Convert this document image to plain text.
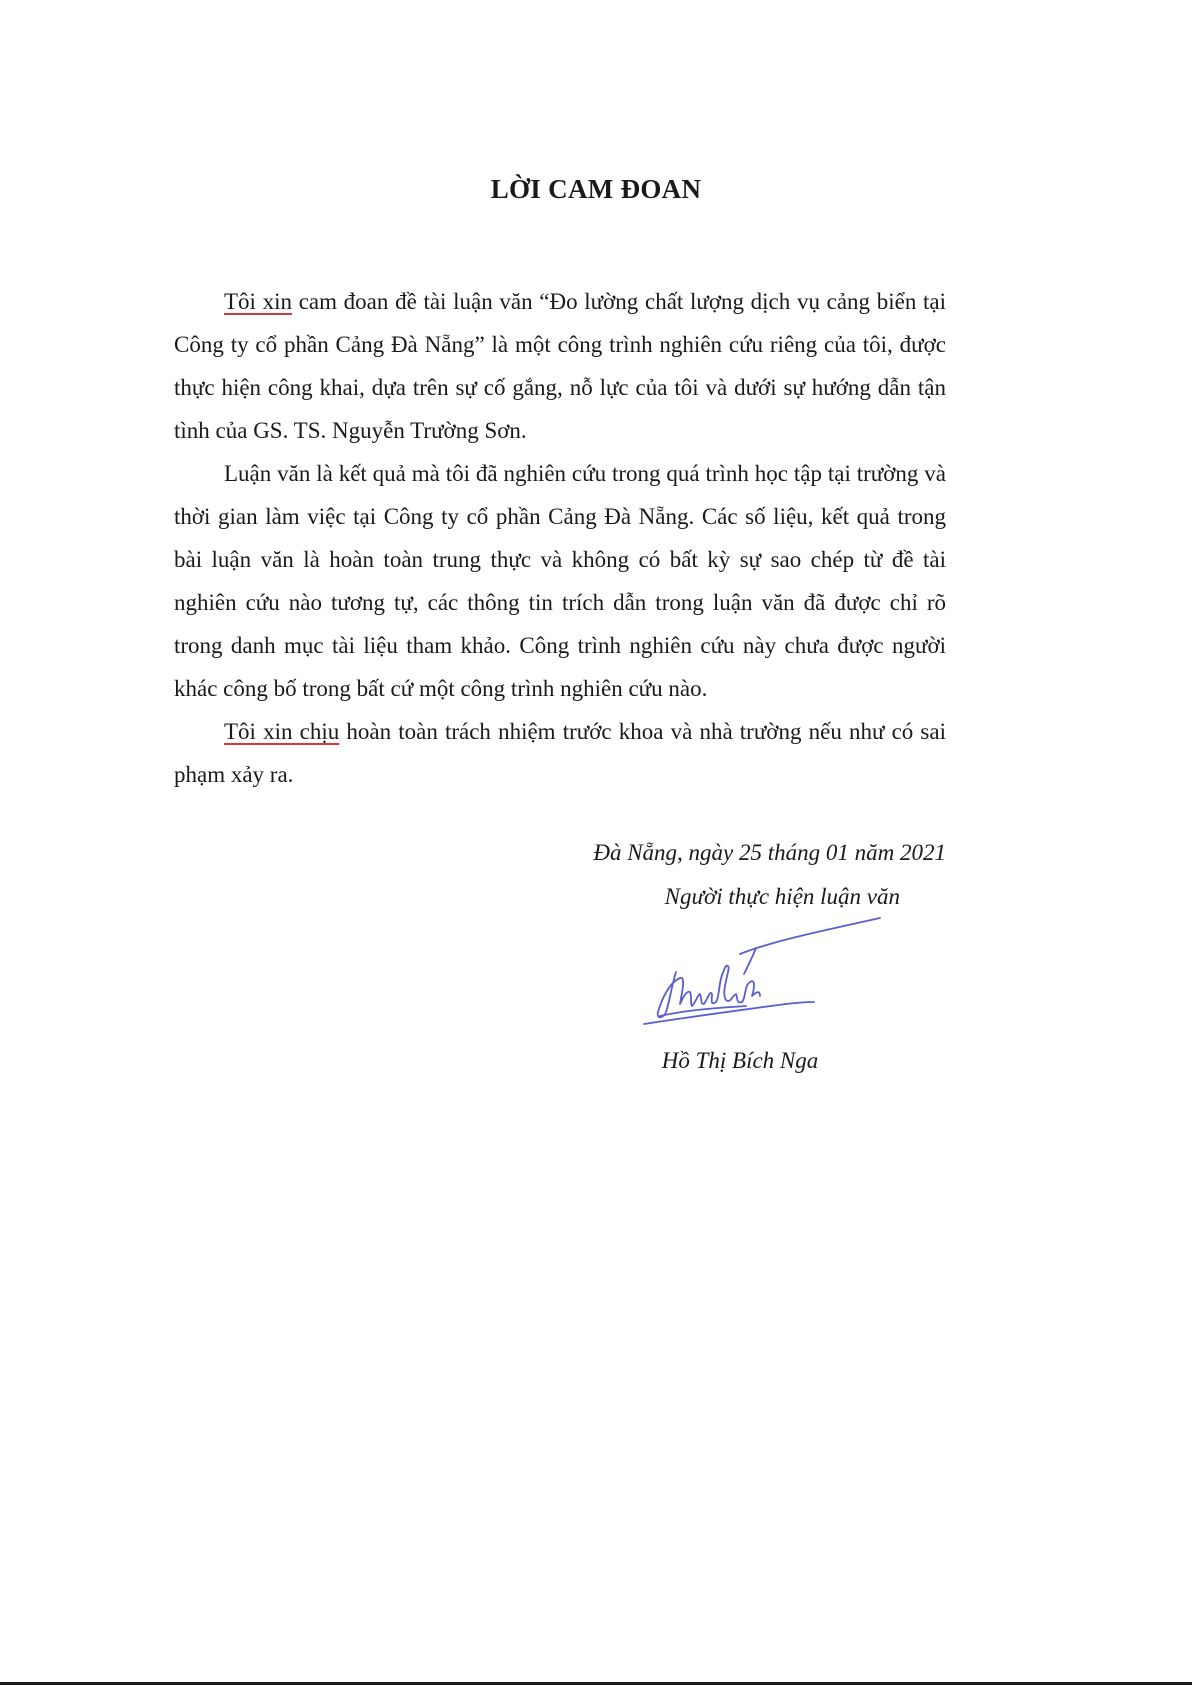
LỜI CAM ĐOAN

Tôi xin cam đoan đề tài luận văn “Đo lường chất lượng dịch vụ cảng biển tại Công ty cổ phần Cảng Đà Nẵng” là một công trình nghiên cứu riêng của tôi, được thực hiện công khai, dựa trên sự cố gắng, nỗ lực của tôi và dưới sự hướng dẫn tận tình của GS. TS. Nguyễn Trường Sơn.

Luận văn là kết quả mà tôi đã nghiên cứu trong quá trình học tập tại trường và thời gian làm việc tại Công ty cổ phần Cảng Đà Nẵng. Các số liệu, kết quả trong bài luận văn là hoàn toàn trung thực và không có bất kỳ sự sao chép từ đề tài nghiên cứu nào tương tự, các thông tin trích dẫn trong luận văn đã được chỉ rõ trong danh mục tài liệu tham khảo. Công trình nghiên cứu này chưa được người khác công bố trong bất cứ một công trình nghiên cứu nào.

Tôi xin chịu hoàn toàn trách nhiệm trước khoa và nhà trường nếu như có sai phạm xảy ra.

Đà Nẵng, ngày 25 tháng 01 năm 2021
Người thực hiện luận văn
Hồ Thị Bích Nga
